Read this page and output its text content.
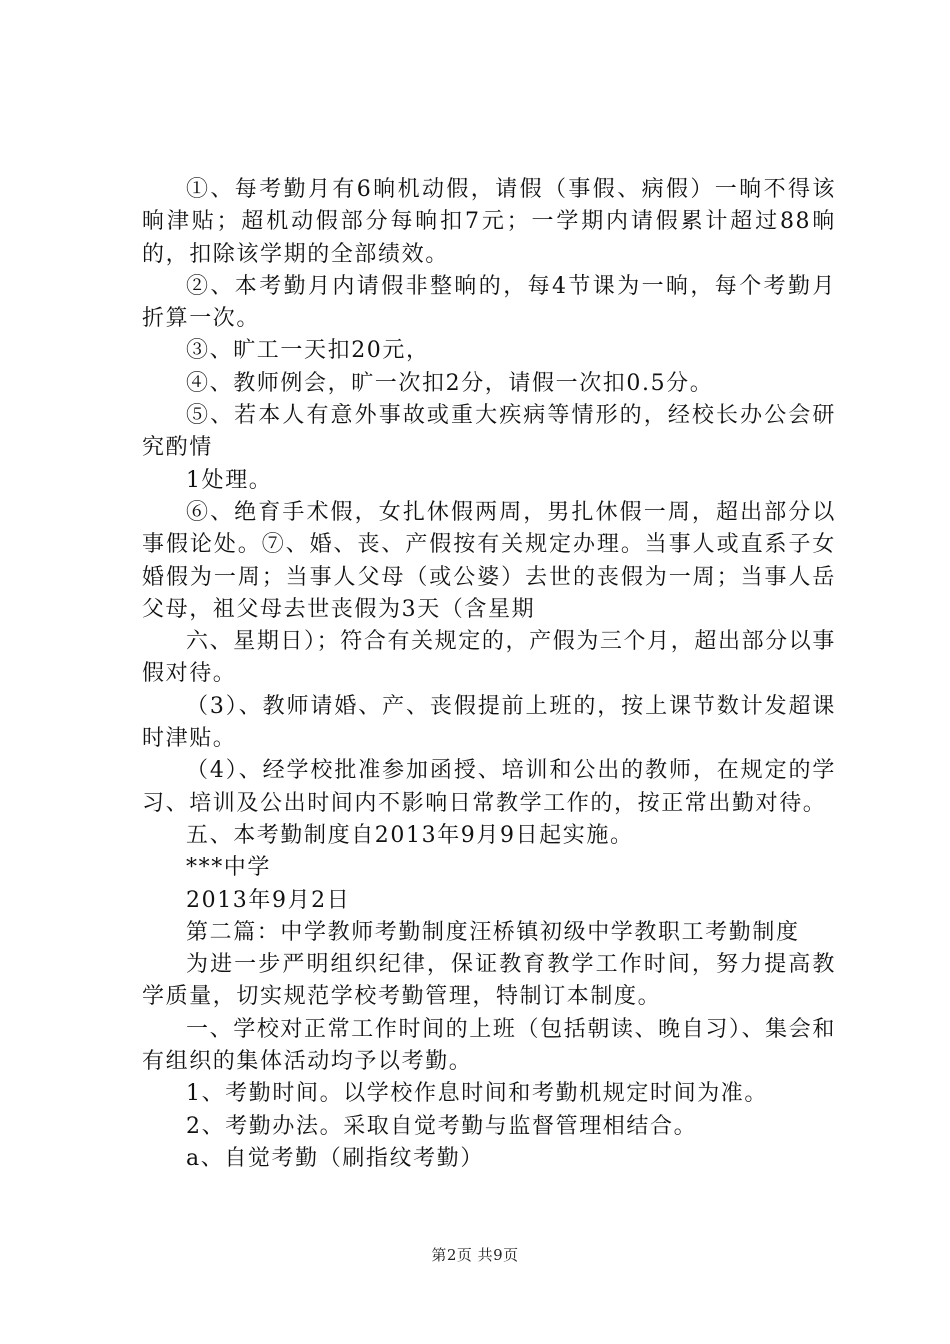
①、每考勤月有6晌机动假，请假（事假、病假）一晌不得该晌津贴；超机动假部分每晌扣7元；一学期内请假累计超过88晌的，扣除该学期的全部绩效。

②、本考勤月内请假非整晌的，每4节课为一晌，每个考勤月折算一次。

③、旷工一天扣20元，

④、教师例会，旷一次扣2分，请假一次扣0.5分。

⑤、若本人有意外事故或重大疾病等情形的，经校长办公会研究酌情

1处理。

⑥、绝育手术假，女扎休假两周，男扎休假一周，超出部分以事假论处。⑦、婚、丧、产假按有关规定办理。当事人或直系子女婚假为一周；当事人父母（或公婆）去世的丧假为一周；当事人岳父母，祖父母去世丧假为3天（含星期

六、星期日）；符合有关规定的，产假为三个月，超出部分以事假对待。

（3）、教师请婚、产、丧假提前上班的，按上课节数计发超课时津贴。

（4）、经学校批准参加函授、培训和公出的教师，在规定的学习、培训及公出时间内不影响日常教学工作的，按正常出勤对待。

五、本考勤制度自2013年9月9日起实施。

***中学

2013年9月2日

第二篇：中学教师考勤制度汪桥镇初级中学教职工考勤制度

为进一步严明组织纪律，保证教育教学工作时间，努力提高教学质量，切实规范学校考勤管理，特制订本制度。

一、学校对正常工作时间的上班（包括朝读、晚自习）、集会和有组织的集体活动均予以考勤。

1、考勤时间。以学校作息时间和考勤机规定时间为准。

2、考勤办法。采取自觉考勤与监督管理相结合。

a、自觉考勤（刷指纹考勤）

第2页 共9页
